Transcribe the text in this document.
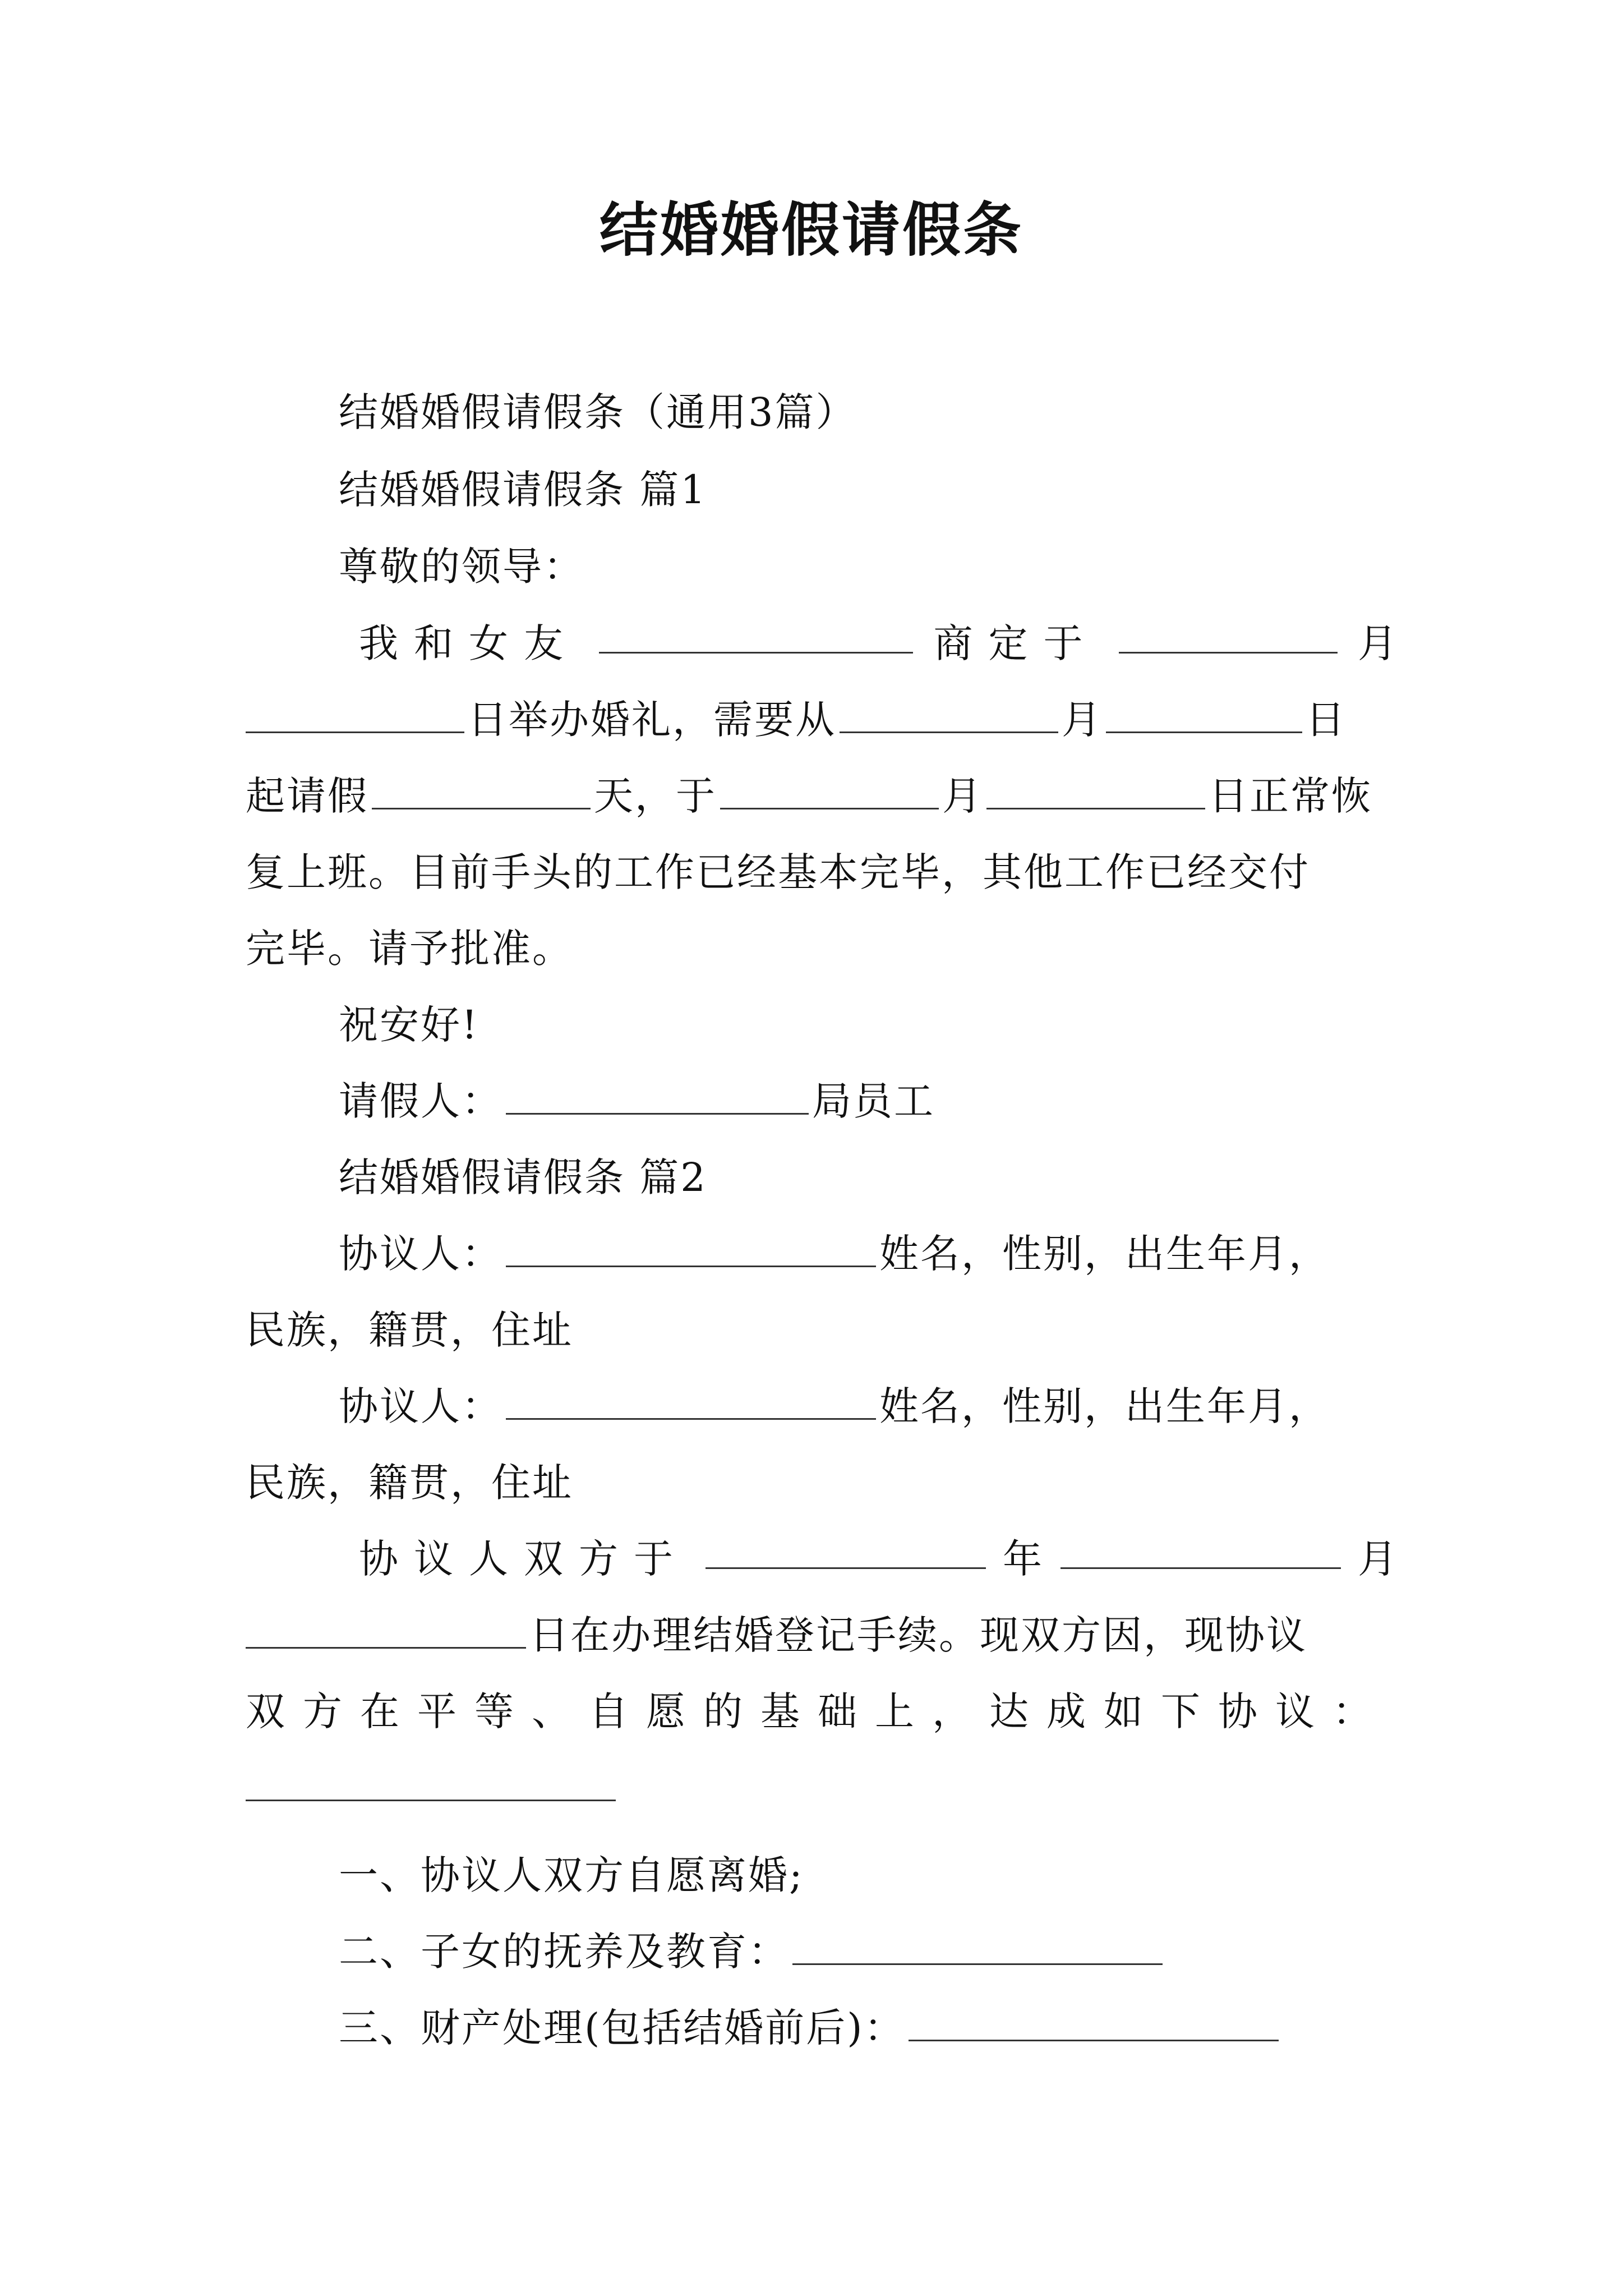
结婚婚假请假条
结婚婚假请假条（通用3篇）
结婚婚假请假条 篇1
尊敬的领导：
我和女友	商定于	月
日举办婚礼，需要从	月	日
起请假	天，于	月	日正常恢
复上班。目前手头的工作已经基本完毕，其他工作已经交付
完毕。请予批准。
祝安好!
请假人：	局员工
结婚婚假请假条 篇2
协议人：	姓名，性别，出生年月，
民族，籍贯，住址
协议人：	姓名，性别，出生年月，
民族，籍贯，住址
协议人双方于	年	月
日在办理结婚登记手续。现双方因，现协议
双方在平等、自愿的基础上，达成如下协议：
一、协议人双方自愿离婚;
二、子女的抚养及教育：
三、财产处理(包括结婚前后)：
